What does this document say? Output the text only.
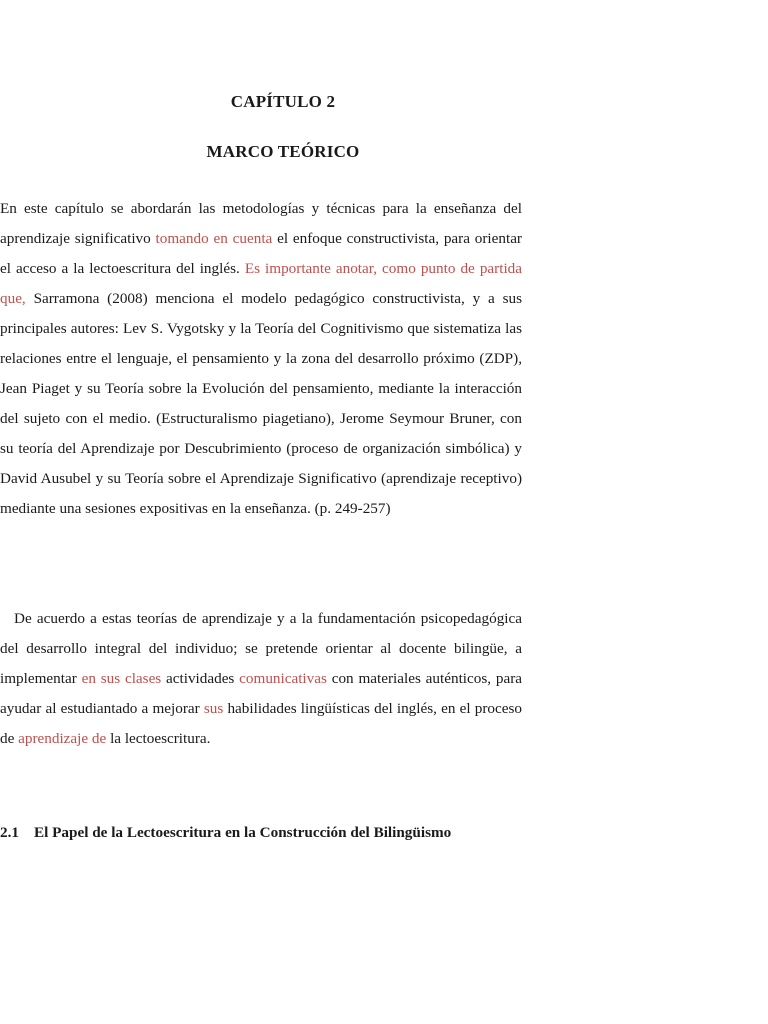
CAPÍTULO 2
MARCO TEÓRICO

En este capítulo se abordarán las metodologías y técnicas para la enseñanza del aprendizaje significativo tomando en cuenta el enfoque constructivista, para orientar el acceso a la lectoescritura del inglés. Es importante anotar, como punto de partida que, Sarramona (2008) menciona el modelo pedagógico constructivista, y a sus principales autores: Lev S. Vygotsky y la Teoría del Cognitivismo que sistematiza las relaciones entre el lenguaje, el pensamiento y la zona del desarrollo próximo (ZDP), Jean Piaget y su Teoría sobre la Evolución del pensamiento, mediante la interacción del sujeto con el medio. (Estructuralismo piagetiano), Jerome Seymour Bruner, con su teoría del Aprendizaje por Descubrimiento (proceso de organización simbólica) y David Ausubel y su Teoría sobre el Aprendizaje Significativo (aprendizaje receptivo) mediante una sesiones expositivas en la enseñanza. (p. 249-257)

De acuerdo a estas teorías de aprendizaje y a la fundamentación psicopedagógica del desarrollo integral del individuo; se pretende orientar al docente bilingüe, a implementar en sus clases actividades comunicativas con materiales auténticos, para ayudar al estudiantado a mejorar sus habilidades lingüísticas del inglés, en el proceso de aprendizaje de la lectoescritura.

2.1 El Papel de la Lectoescritura en la Construcción del Bilingüismo
